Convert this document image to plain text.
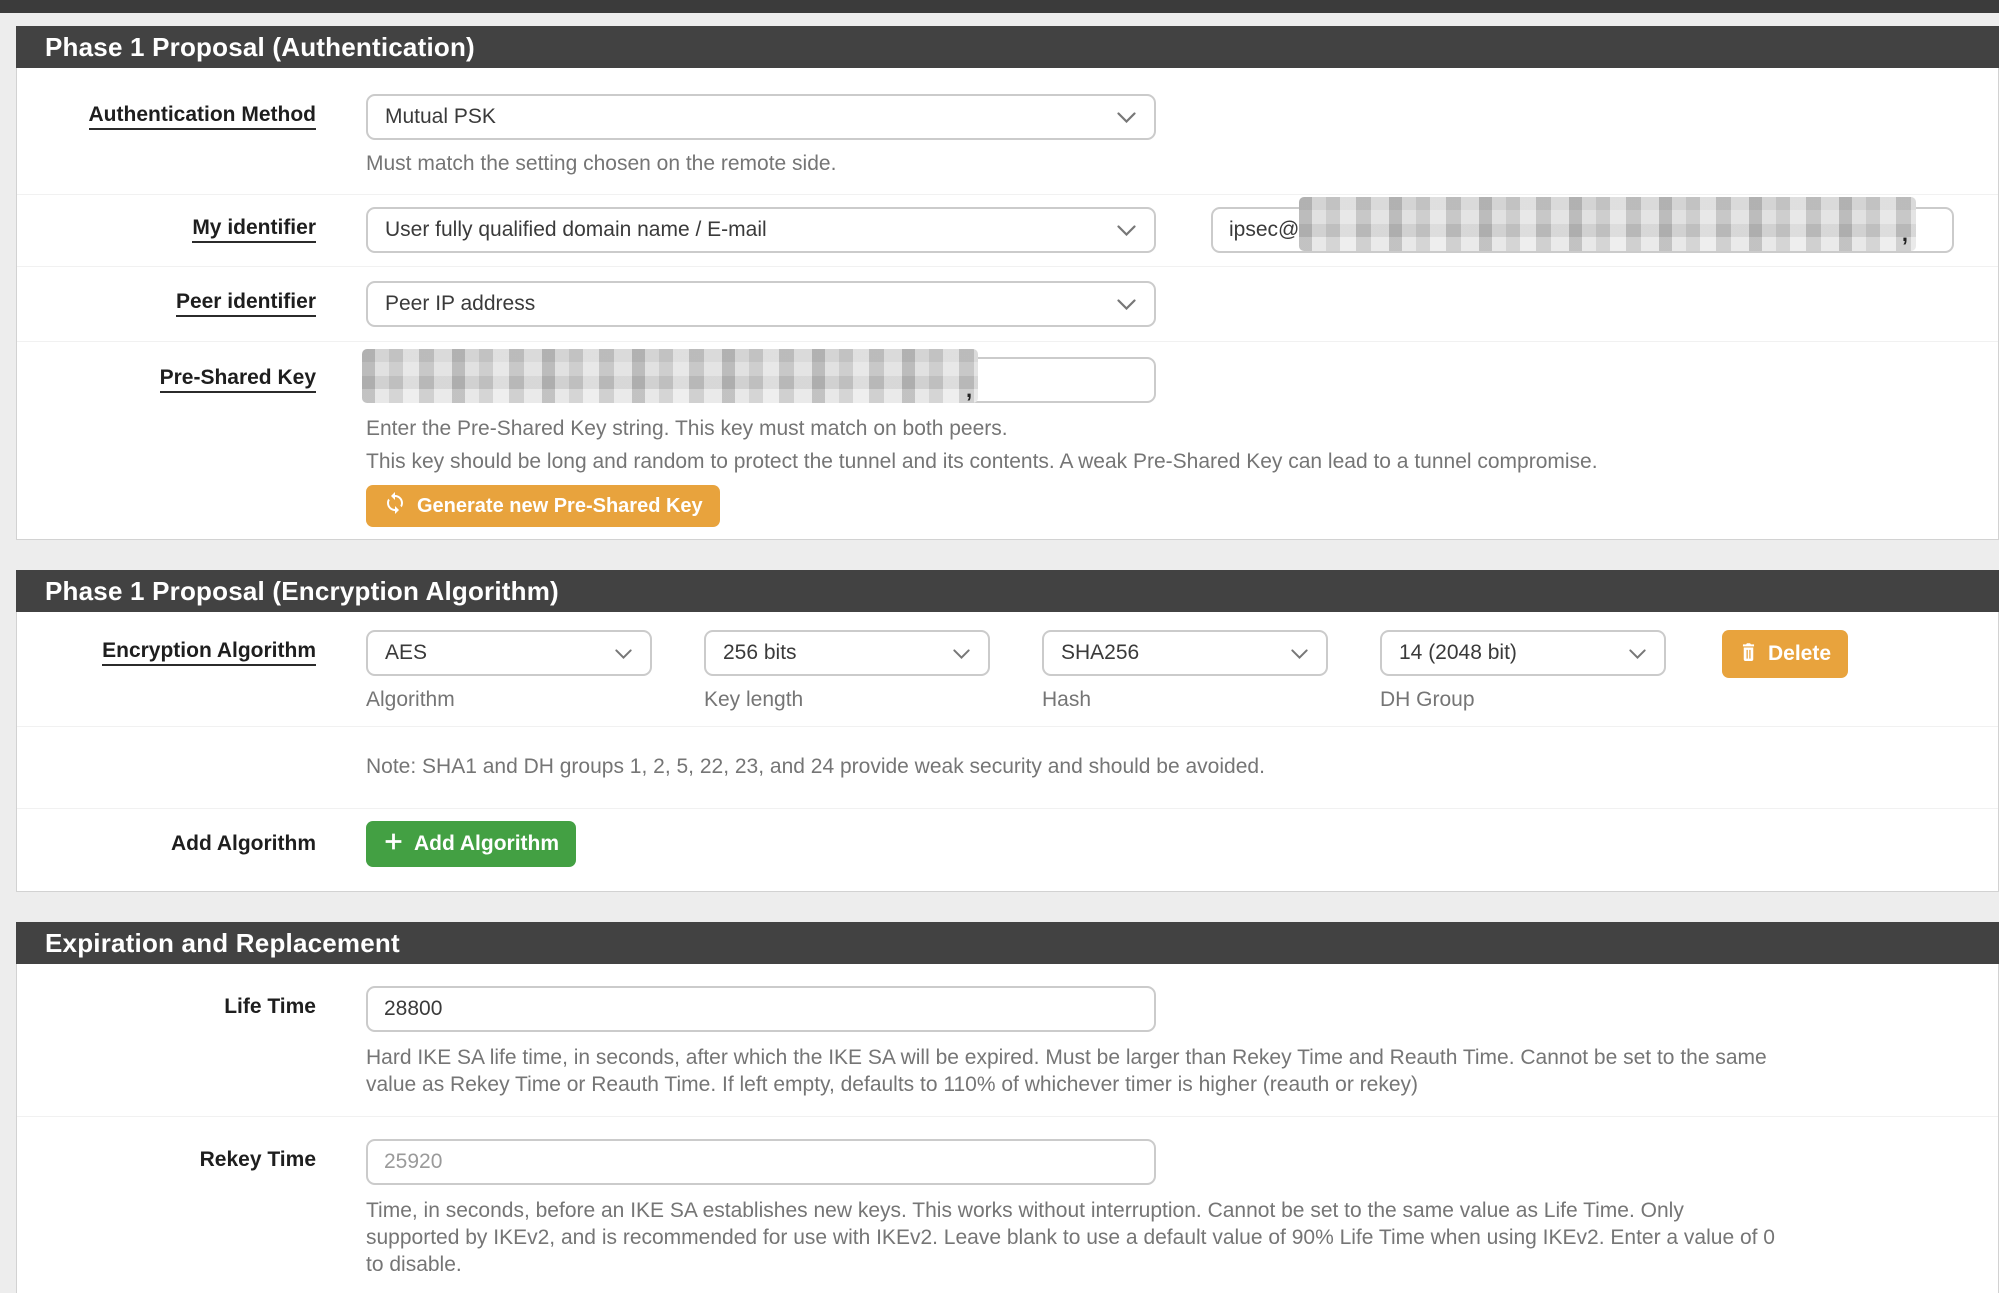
Phase 1 Proposal (Authentication)
Authentication Method	Mutual PSK
Must match the setting chosen on the remote side.
My identifier	User fully qualified domain name / E-mail	ipsec@	,
Peer identifier	Peer IP address
Pre-Shared Key	,
Enter the Pre-Shared Key string. This key must match on both peers.
This key should be long and random to protect the tunnel and its contents. A weak Pre-Shared Key can lead to a tunnel compromise.
Generate new Pre-Shared Key
Phase 1 Proposal (Encryption Algorithm)
Encryption Algorithm	AES	256 bits	SHA256	14 (2048 bit)	Delete
Algorithm	Key length	Hash	DH Group
Note: SHA1 and DH groups 1, 2, 5, 22, 23, and 24 provide weak security and should be avoided.
Add Algorithm	Add Algorithm
Expiration and Replacement
Life Time
28800
Hard IKE SA life time, in seconds, after which the IKE SA will be expired. Must be larger than Rekey Time and Reauth Time. Cannot be set to the same
value as Rekey Time or Reauth Time. If left empty, defaults to 110% of whichever timer is higher (reauth or rekey)
Rekey Time
25920
Time, in seconds, before an IKE SA establishes new keys. This works without interruption. Cannot be set to the same value as Life Time. Only
supported by IKEv2, and is recommended for use with IKEv2. Leave blank to use a default value of 90% Life Time when using IKEv2. Enter a value of 0
to disable.
